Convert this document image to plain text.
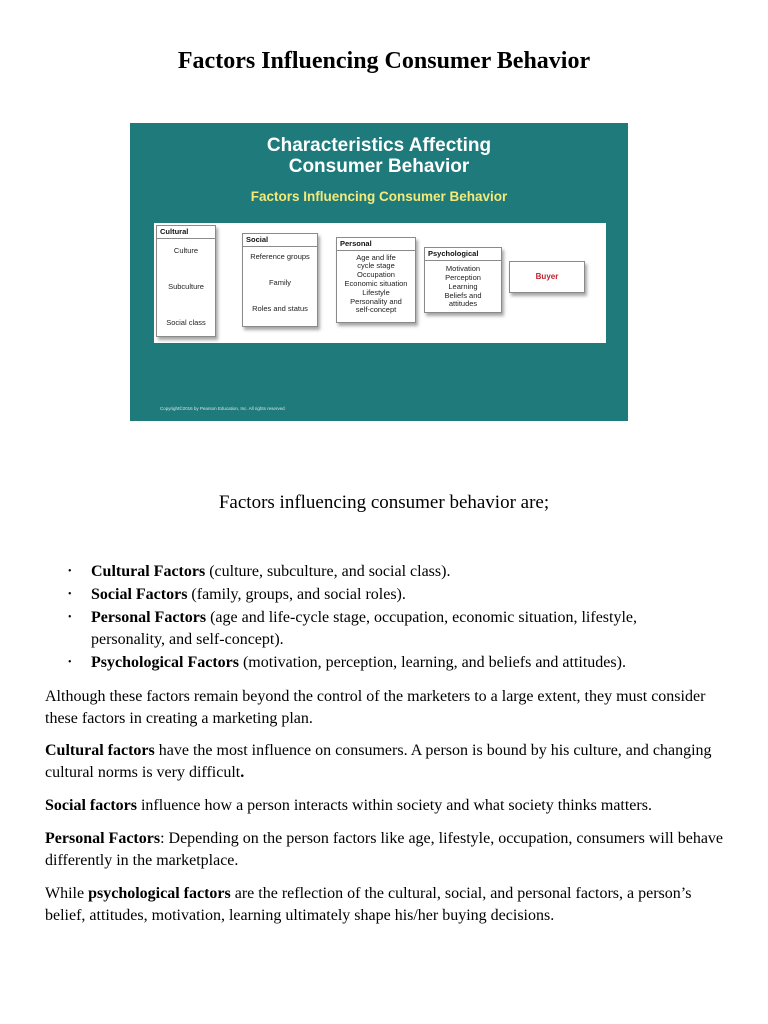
Factors Influencing Consumer Behavior
Characteristics Affecting
Consumer Behavior
Factors Influencing Consumer Behavior
Cultural
Culture
Subculture
Social class
Social
Reference groups
Family
Roles and status
Personal
Age and life
cycle stage
Occupation
Economic situation
Lifestyle
Personality and
self-concept
Psychological
Motivation
Perception
Learning
Beliefs and
attitudes
Buyer
Copyright©2016 by Pearson Education, Inc. All rights reserved
Factors influencing consumer behavior are;
• Cultural Factors (culture, subculture, and social class).
• Social Factors (family, groups, and social roles).
• Personal Factors (age and life-cycle stage, occupation, economic situation, lifestyle, personality, and self-concept).
• Psychological Factors (motivation, perception, learning, and beliefs and attitudes).

Although these factors remain beyond the control of the marketers to a large extent, they must consider these factors in creating a marketing plan.

Cultural factors have the most influence on consumers. A person is bound by his culture, and changing cultural norms is very difficult.

Social factors influence how a person interacts within society and what society thinks matters.

Personal Factors: Depending on the person factors like age, lifestyle, occupation, consumers will behave differently in the marketplace.

While psychological factors are the reflection of the cultural, social, and personal factors, a person’s belief, attitudes, motivation, learning ultimately shape his/her buying decisions.
